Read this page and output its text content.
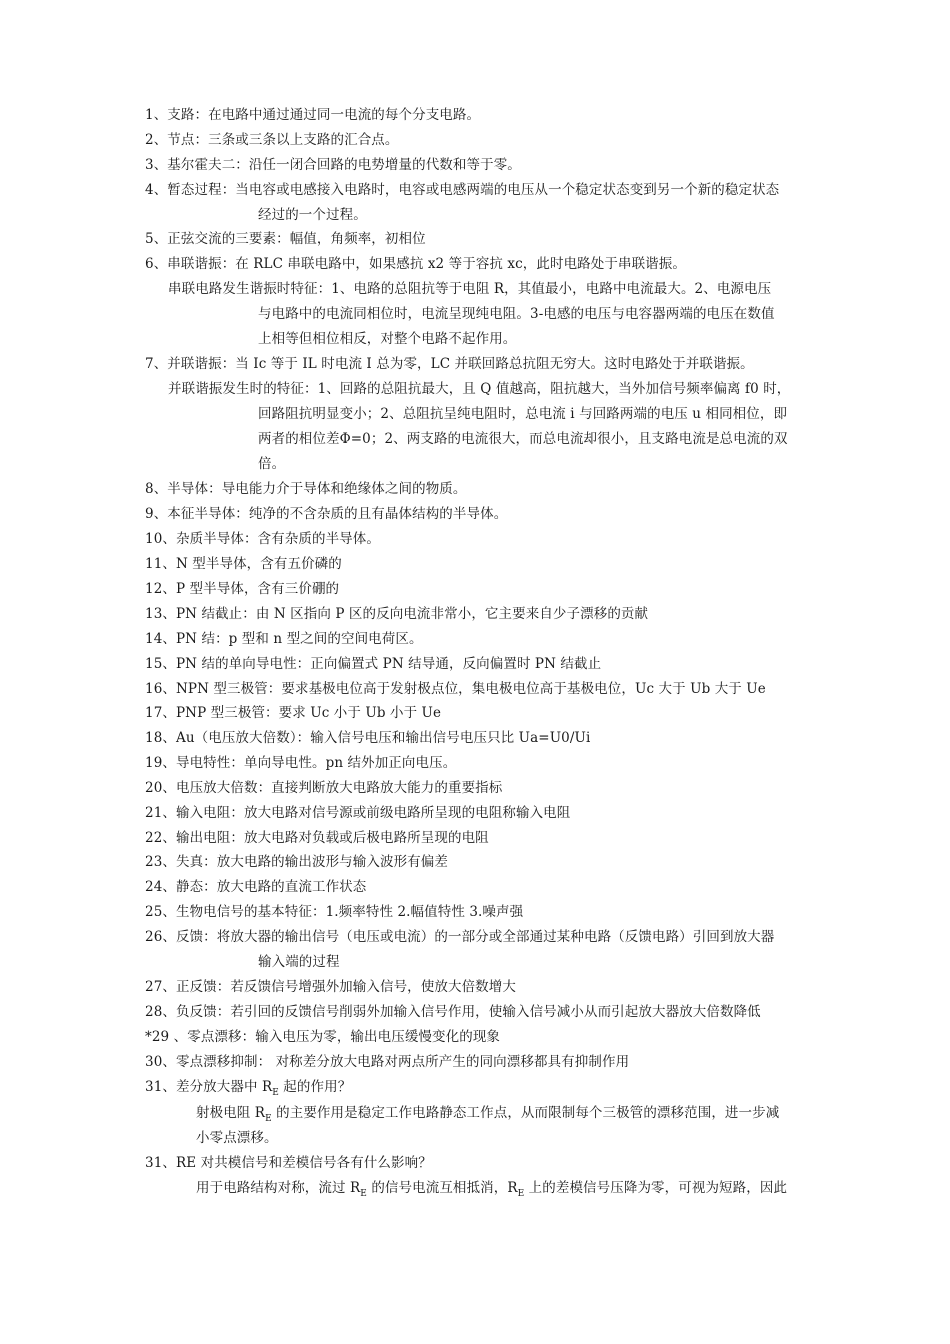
1、支路：在电路中通过通过同一电流的每个分支电路。
2、节点：三条或三条以上支路的汇合点。
3、基尔霍夫二：沿任一闭合回路的电势增量的代数和等于零。
4、暂态过程：当电容或电感接入电路时，电容或电感两端的电压从一个稳定状态变到另一个新的稳定状态
经过的一个过程。
5、正弦交流的三要素：幅值，角频率，初相位
6、串联谐振：在 RLC 串联电路中，如果感抗 x2 等于容抗 xc，此时电路处于串联谐振。
串联电路发生谐振时特征：1、电路的总阻抗等于电阻 R，其值最小，电路中电流最大。2、电源电压
与电路中的电流同相位时，电流呈现纯电阻。3-电感的电压与电容器两端的电压在数值
上相等但相位相反，对整个电路不起作用。
7、并联谐振：当 Ic 等于 IL 时电流 I 总为零，LC 并联回路总抗阻无穷大。这时电路处于并联谐振。
并联谐振发生时的特征：1、回路的总阻抗最大，且 Q 值越高，阻抗越大，当外加信号频率偏离 f0 时，
回路阻抗明显变小；2、总阻抗呈纯电阻时，总电流 i 与回路两端的电压 u 相同相位，即
两者的相位差Φ=0；2、两支路的电流很大，而总电流却很小，且支路电流是总电流的双
倍。
8、半导体：导电能力介于导体和绝缘体之间的物质。
9、本征半导体：纯净的不含杂质的且有晶体结构的半导体。
10、杂质半导体：含有杂质的半导体。
11、N 型半导体，含有五价磷的
12、P 型半导体，含有三价硼的
13、PN 结截止：由 N 区指向 P 区的反向电流非常小，它主要来自少子漂移的贡献
14、PN 结：p 型和 n 型之间的空间电荷区。
15、PN 结的单向导电性：正向偏置式 PN 结导通，反向偏置时 PN 结截止
16、NPN 型三极管：要求基极电位高于发射极点位，集电极电位高于基极电位，Uc 大于 Ub 大于 Ue
17、PNP 型三极管：要求 Uc 小于 Ub 小于 Ue
18、Au（电压放大倍数）：输入信号电压和输出信号电压只比 Ua=U0/Ui
19、导电特性：单向导电性。pn 结外加正向电压。
20、电压放大倍数：直接判断放大电路放大能力的重要指标
21、输入电阻：放大电路对信号源或前级电路所呈现的电阻称输入电阻
22、输出电阻：放大电路对负载或后极电路所呈现的电阻
23、失真：放大电路的输出波形与输入波形有偏差
24、静态：放大电路的直流工作状态
25、生物电信号的基本特征：1.频率特性 2.幅值特性 3.噪声强
26、反馈：将放大器的输出信号（电压或电流）的一部分或全部通过某种电路（反馈电路）引回到放大器
输入端的过程
27、正反馈：若反馈信号增强外加输入信号，使放大倍数增大
28、负反馈：若引回的反馈信号削弱外加输入信号作用，使输入信号减小从而引起放大器放大倍数降低
*29 、零点漂移：输入电压为零，输出电压缓慢变化的现象
30、零点漂移抑制： 对称差分放大电路对两点所产生的同向漂移都具有抑制作用
31、差分放大器中 $R_E$ 起的作用？
射极电阻 $R_E$ 的主要作用是稳定工作电路静态工作点，从而限制每个三极管的漂移范围，进一步减
小零点漂移。
31、RE 对共模信号和差模信号各有什么影响？
用于电路结构对称，流过 $R_E$ 的信号电流互相抵消，$R_E$ 上的差模信号压降为零，可视为短路，因此
